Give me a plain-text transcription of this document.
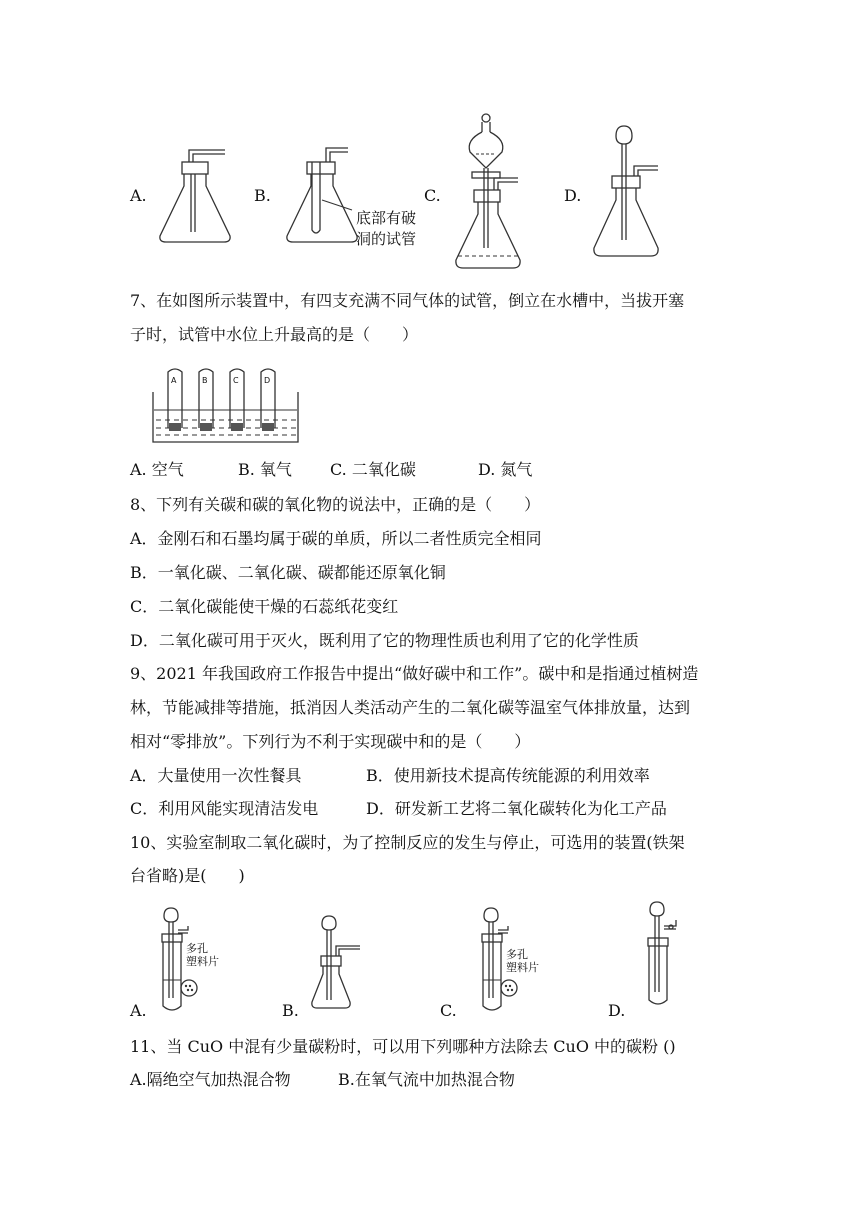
A.	B.
底部有破
洞的试管
C.	D.
7、在如图所示装置中，有四支充满不同气体的试管，倒立在水槽中，当拔开塞
子时，试管中水位上升最高的是（　　）
A	B	C	D
A. 空气	B. 氧气 C. 二氧化碳	D. 氮气
8、下列有关碳和碳的氧化物的说法中，正确的是（　　）
A．金刚石和石墨均属于碳的单质，所以二者性质完全相同
B．一氧化碳、二氧化碳、碳都能还原氧化铜
C．二氧化碳能使干燥的石蕊纸花变红
D．二氧化碳可用于灭火，既利用了它的物理性质也利用了它的化学性质
9、2021 年我国政府工作报告中提出“做好碳中和工作”。碳中和是指通过植树造
林，节能减排等措施，抵消因人类活动产生的二氧化碳等温室气体排放量，达到
相对“零排放”。下列行为不利于实现碳中和的是（　　）
A．大量使用一次性餐具	B．使用新技术提高传统能源的利用效率
C．利用风能实现清洁发电	D．研发新工艺将二氧化碳转化为化工产品
10、实验室制取二氧化碳时，为了控制反应的发生与停止，可选用的装置(铁架
台省略)是(　　)
A.
多孔
塑料片
B.	C.
多孔
塑料片
D.
11、当 CuO 中混有少量碳粉时，可以用下列哪种方法除去 CuO 中的碳粉 ()
A.隔绝空气加热混合物	B.在氧气流中加热混合物
